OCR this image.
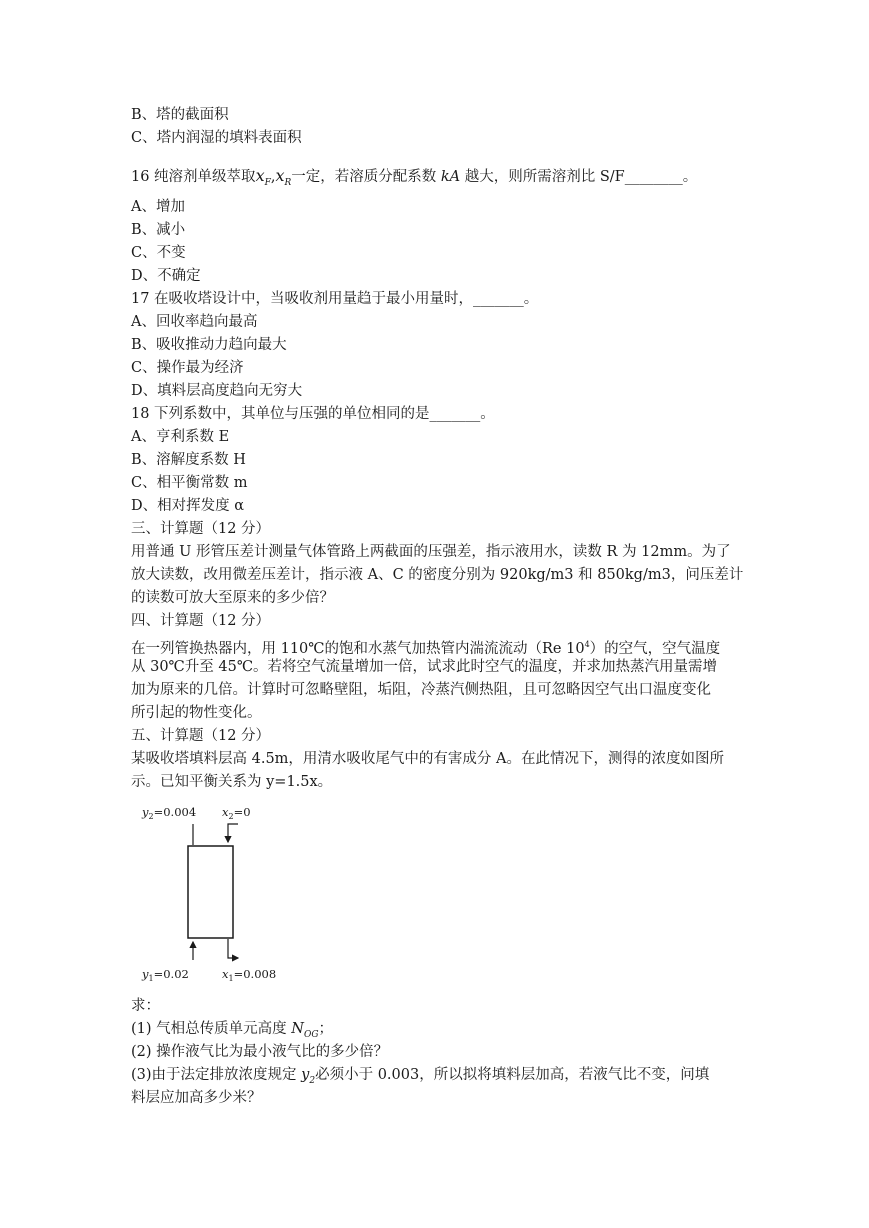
B、塔的截面积
C、塔内润湿的填料表面积
16 纯溶剂单级萃取$x_F,x_R$一定，若溶质分配系数 kA 越大，则所需溶剂比 S/F________。
A、增加
B、减小
C、不变
D、不确定
17 在吸收塔设计中，当吸收剂用量趋于最小用量时，_______。
A、回收率趋向最高
B、吸收推动力趋向最大
C、操作最为经济
D、填料层高度趋向无穷大
18 下列系数中，其单位与压强的单位相同的是_______。
A、亨利系数 E
B、溶解度系数 H
C、相平衡常数 m
D、相对挥发度 α
三、计算题（12 分）
用普通 U 形管压差计测量气体管路上两截面的压强差，指示液用水，读数 R 为 12mm。为了
放大读数，改用微差压差计，指示液 A、C 的密度分别为 920kg/m3 和 850kg/m3，问压差计
的读数可放大至原来的多少倍？
四、计算题（12 分）
在一列管换热器内，用 110℃的饱和水蒸气加热管内湍流流动（Re $10^4$）的空气，空气温度
从 30℃升至 45℃。若将空气流量增加一倍，试求此时空气的温度，并求加热蒸汽用量需增
加为原来的几倍。计算时可忽略壁阻，垢阻，冷蒸汽侧热阻，且可忽略因空气出口温度变化
所引起的物性变化。
五、计算题（12 分）
某吸收塔填料层高 4.5m，用清水吸收尾气中的有害成分 A。在此情况下，测得的浓度如图所
示。已知平衡关系为 y=1.5x。
$y_2=0.004$ $x_2=0$
$y_1=0.02$	$x_1=0.008$
求：
(1) 气相总传质单元高度 $N_{OG}$；
(2) 操作液气比为最小液气比的多少倍？
(3)由于法定排放浓度规定 $y_2$必须小于 0.003，所以拟将填料层加高，若液气比不变，问填
料层应加高多少米？
